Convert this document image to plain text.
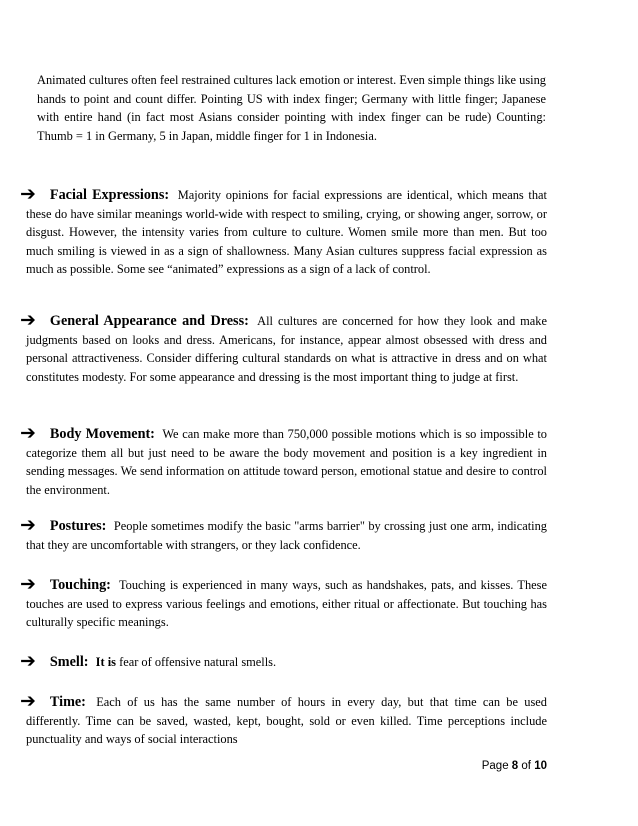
Animated cultures often feel restrained cultures lack emotion or interest. Even simple things like using hands to point and count differ. Pointing US with index finger; Germany with little finger; Japanese with entire hand (in fact most Asians consider pointing with index finger can be rude) Counting: Thumb = 1 in Germany, 5 in Japan, middle finger for 1 in Indonesia.
➔ Facial Expressions: Majority opinions for facial expressions are identical, which means that these do have similar meanings world-wide with respect to smiling, crying, or showing anger, sorrow, or disgust. However, the intensity varies from culture to culture. Women smile more than men. But too much smiling is viewed in as a sign of shallowness. Many Asian cultures suppress facial expression as much as possible. Some see “animated” expressions as a sign of a lack of control.
➔ General Appearance and Dress: All cultures are concerned for how they look and make judgments based on looks and dress. Americans, for instance, appear almost obsessed with dress and personal attractiveness. Consider differing cultural standards on what is attractive in dress and on what constitutes modesty. For some appearance and dressing is the most important thing to judge at first.
➔ Body Movement: We can make more than 750,000 possible motions which is so impossible to categorize them all but just need to be aware the body movement and position is a key ingredient in sending messages. We send information on attitude toward person, emotional statue and desire to control the environment.
➔ Postures: People sometimes modify the basic "arms barrier" by crossing just one arm, indicating that they are uncomfortable with strangers, or they lack confidence.
➔ Touching: Touching is experienced in many ways, such as handshakes, pats, and kisses. These touches are used to express various feelings and emotions, either ritual or affectionate. But touching has culturally specific meanings.
➔ Smell: It is fear of offensive natural smells.
➔ Time: Each of us has the same number of hours in every day, but that time can be used differently. Time can be saved, wasted, kept, bought, sold or even killed. Time perceptions include punctuality and ways of social interactions
Page 8 of 10
